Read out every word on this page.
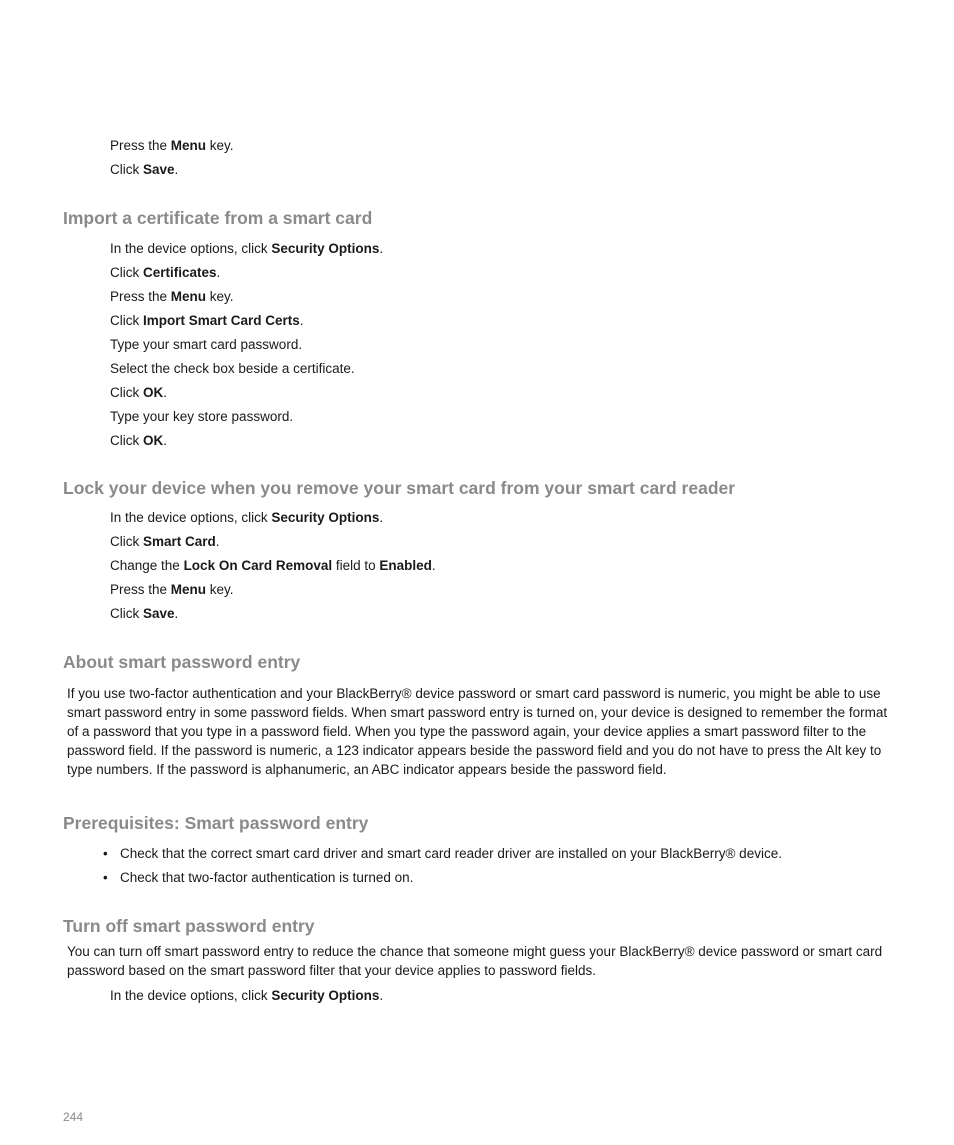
Press the Menu key.
Click Save.
Import a certificate from a smart card
In the device options, click Security Options.
Click Certificates.
Press the Menu key.
Click Import Smart Card Certs.
Type your smart card password.
Select the check box beside a certificate.
Click OK.
Type your key store password.
Click OK.
Lock your device when you remove your smart card from your smart card reader
In the device options, click Security Options.
Click Smart Card.
Change the Lock On Card Removal field to Enabled.
Press the Menu key.
Click Save.
About smart password entry

If you use two-factor authentication and your BlackBerry® device password or smart card password is numeric, you might be able to use smart password entry in some password fields. When smart password entry is turned on, your device is designed to remember the format of a password that you type in a password field. When you type the password again, your device applies a smart password filter to the password field. If the password is numeric, a 123 indicator appears beside the password field and you do not have to press the Alt key to type numbers. If the password is alphanumeric, an ABC indicator appears beside the password field.

Prerequisites: Smart password entry
• Check that the correct smart card driver and smart card reader driver are installed on your BlackBerry® device.
• Check that two-factor authentication is turned on.
Turn off smart password entry

You can turn off smart password entry to reduce the chance that someone might guess your BlackBerry® device password or smart card password based on the smart password filter that your device applies to password fields.

In the device options, click Security Options.
244
